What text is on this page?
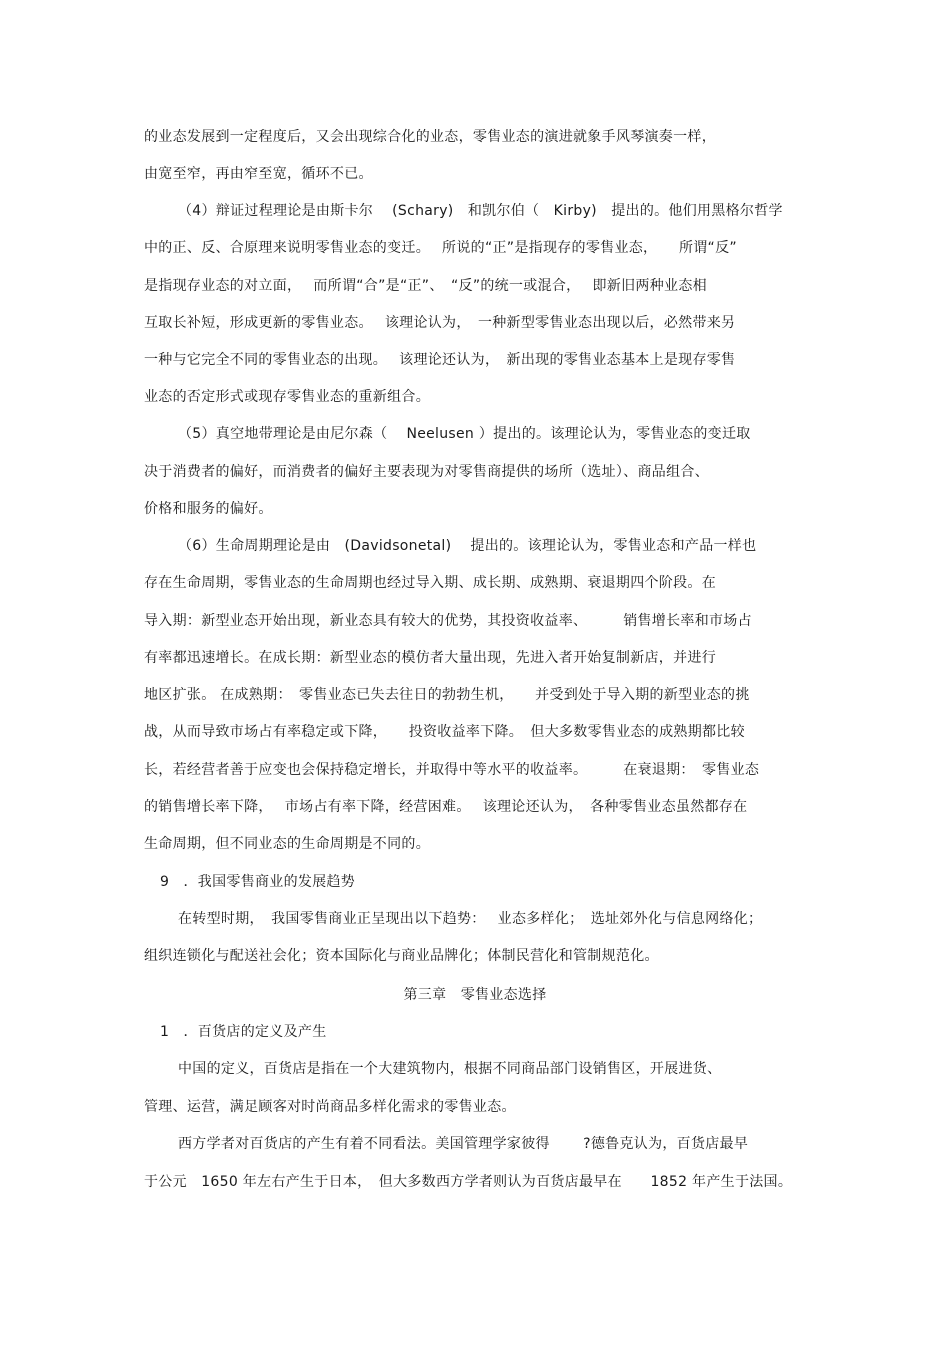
的业态发展到一定程度后，又会出现综合化的业态，零售业态的演进就象手风琴演奏一样，
由宽至窄，再由窄至宽，循环不已。
（4）辩证过程理论是由斯卡尔　 (Schary)　和凯尔伯（　Kirby)　提出的。他们用黑格尔哲学
中的正、反、合原理来说明零售业态的变迁。　 所说的“正”是指现存的零售业态，　　所谓“反”
是指现存业态的对立面，　 而所谓“合”是“正”、　“反”的统一或混合，　 即新旧两种业态相
互取长补短，形成更新的零售业态。　 该理论认为，　一种新型零售业态出现以后，必然带来另
一种与它完全不同的零售业态的出现。　 该理论还认为，　新出现的零售业态基本上是现存零售
业态的否定形式或现存零售业态的重新组合。
（5）真空地带理论是由尼尔森（　 Neelusen ）提出的。该理论认为，零售业态的变迁取
决于消费者的偏好，而消费者的偏好主要表现为对零售商提供的场所（选址）、商品组合、
价格和服务的偏好。
（6）生命周期理论是由　(Davidsonetal)　 提出的。该理论认为，零售业态和产品一样也
存在生命周期，零售业态的生命周期也经过导入期、成长期、成熟期、衰退期四个阶段。在
导入期：新型业态开始出现，新业态具有较大的优势，其投资收益率、　　　销售增长率和市场占
有率都迅速增长。在成长期：新型业态的模仿者大量出现，先进入者开始复制新店，并进行
地区扩张。 在成熟期：　零售业态已失去往日的勃勃生机，　　并受到处于导入期的新型业态的挑
战，从而导致市场占有率稳定或下降，　　投资收益率下降。　但大多数零售业态的成熟期都比较
长，若经营者善于应变也会保持稳定增长，并取得中等水平的收益率。　　　在衰退期：　零售业态
的销售增长率下降，　 市场占有率下降，经营困难。　 该理论还认为，　各种零售业态虽然都存在
生命周期，但不同业态的生命周期是不同的。
9　．我国零售商业的发展趋势
在转型时期，　我国零售商业正呈现出以下趋势：　 业态多样化；　选址郊外化与信息网络化；
组织连锁化与配送社会化；资本国际化与商业品牌化；体制民营化和管制规范化。
第三章　零售业态选择
1　．百货店的定义及产生
中国的定义，百货店是指在一个大建筑物内，根据不同商品部门设销售区，开展进货、
管理、运营，满足顾客对时尚商品多样化需求的零售业态。
西方学者对百货店的产生有着不同看法。美国管理学家彼得　　 ?德鲁克认为，百货店最早
于公元　1650 年左右产生于日本，　但大多数西方学者则认为百货店最早在　　1852 年产生于法国。
